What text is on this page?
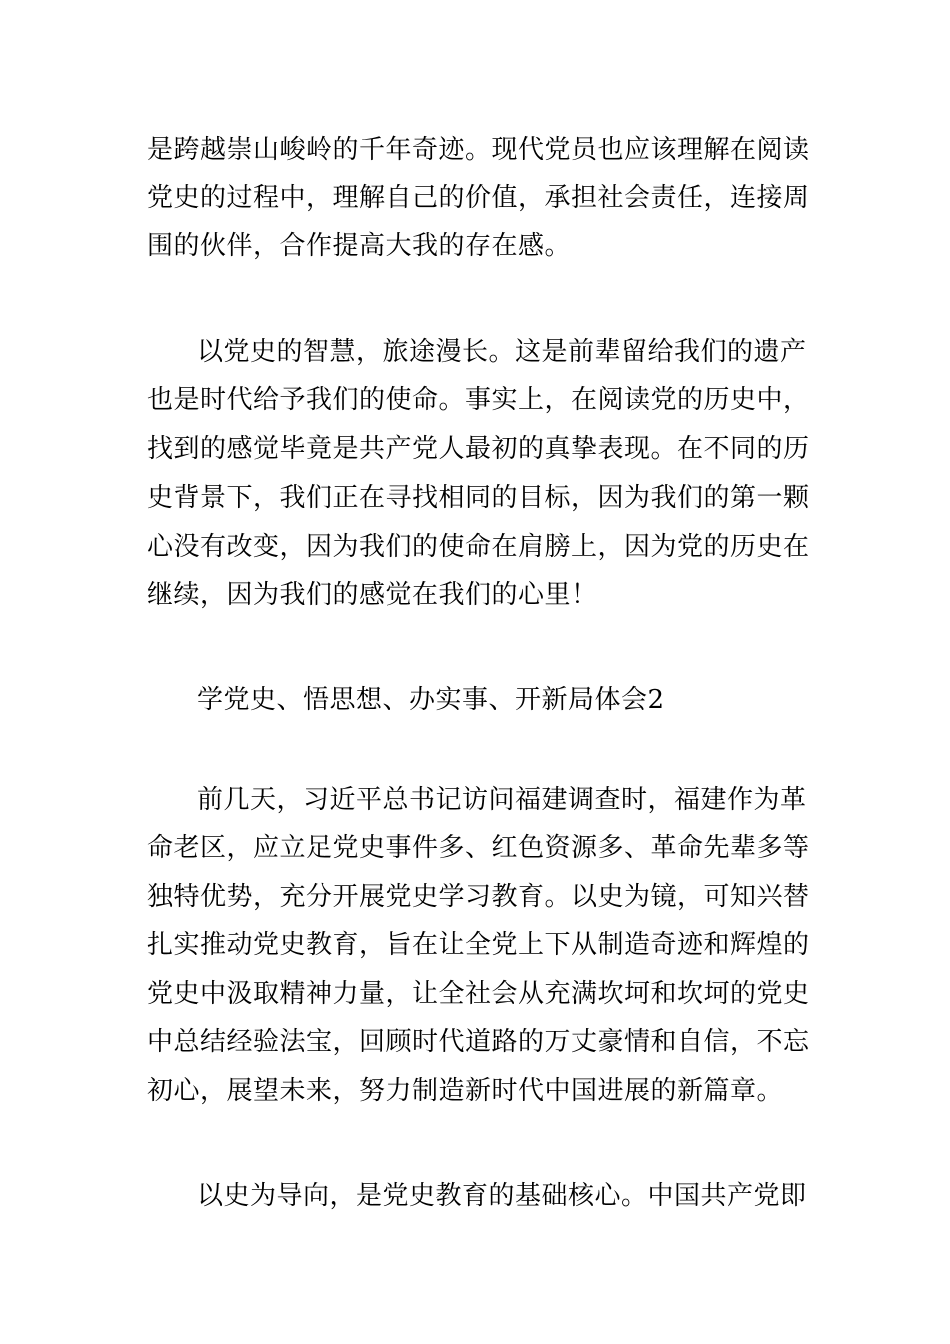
是跨越崇山峻岭的千年奇迹。现代党员也应该理解在阅读
党史的过程中，理解自己的价值，承担社会责任，连接周
围的伙伴，合作提高大我的存在感。
以党史的智慧，旅途漫长。这是前辈留给我们的遗产
也是时代给予我们的使命。事实上，在阅读党的历史中，
找到的感觉毕竟是共产党人最初的真挚表现。在不同的历
史背景下，我们正在寻找相同的目标，因为我们的第一颗
心没有改变，因为我们的使命在肩膀上，因为党的历史在
继续，因为我们的感觉在我们的心里！
学党史、悟思想、办实事、开新局体会2
前几天，习近平总书记访问福建调查时，福建作为革
命老区，应立足党史事件多、红色资源多、革命先辈多等
独特优势，充分开展党史学习教育。以史为镜，可知兴替
扎实推动党史教育，旨在让全党上下从制造奇迹和辉煌的
党史中汲取精神力量，让全社会从充满坎坷和坎坷的党史
中总结经验法宝，回顾时代道路的万丈豪情和自信，不忘
初心，展望未来，努力制造新时代中国进展的新篇章。
以史为导向，是党史教育的基础核心。中国共产党即
